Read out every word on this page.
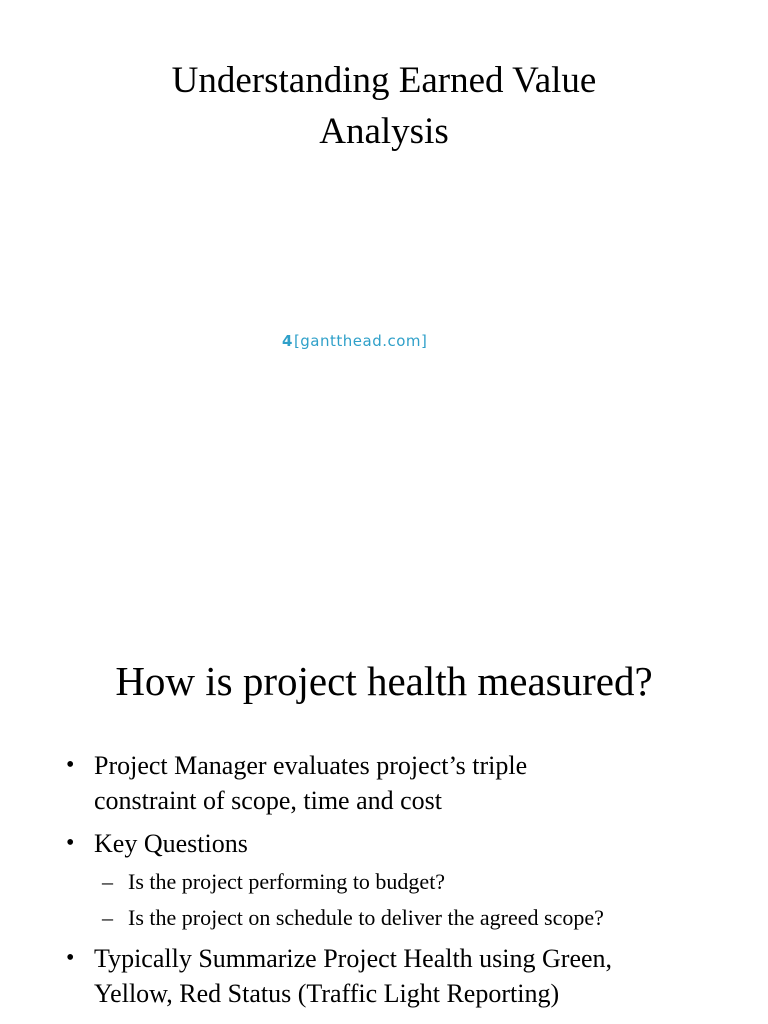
Understanding Earned Value
Analysis
4[gantthead.com]
How is project health measured?
• Project Manager evaluates project’s triple
constraint of scope, time and cost
• Key Questions
– Is the project performing to budget?
– Is the project on schedule to deliver the agreed scope?
• Typically Summarize Project Health using Green,
Yellow, Red Status (Traffic Light Reporting)
